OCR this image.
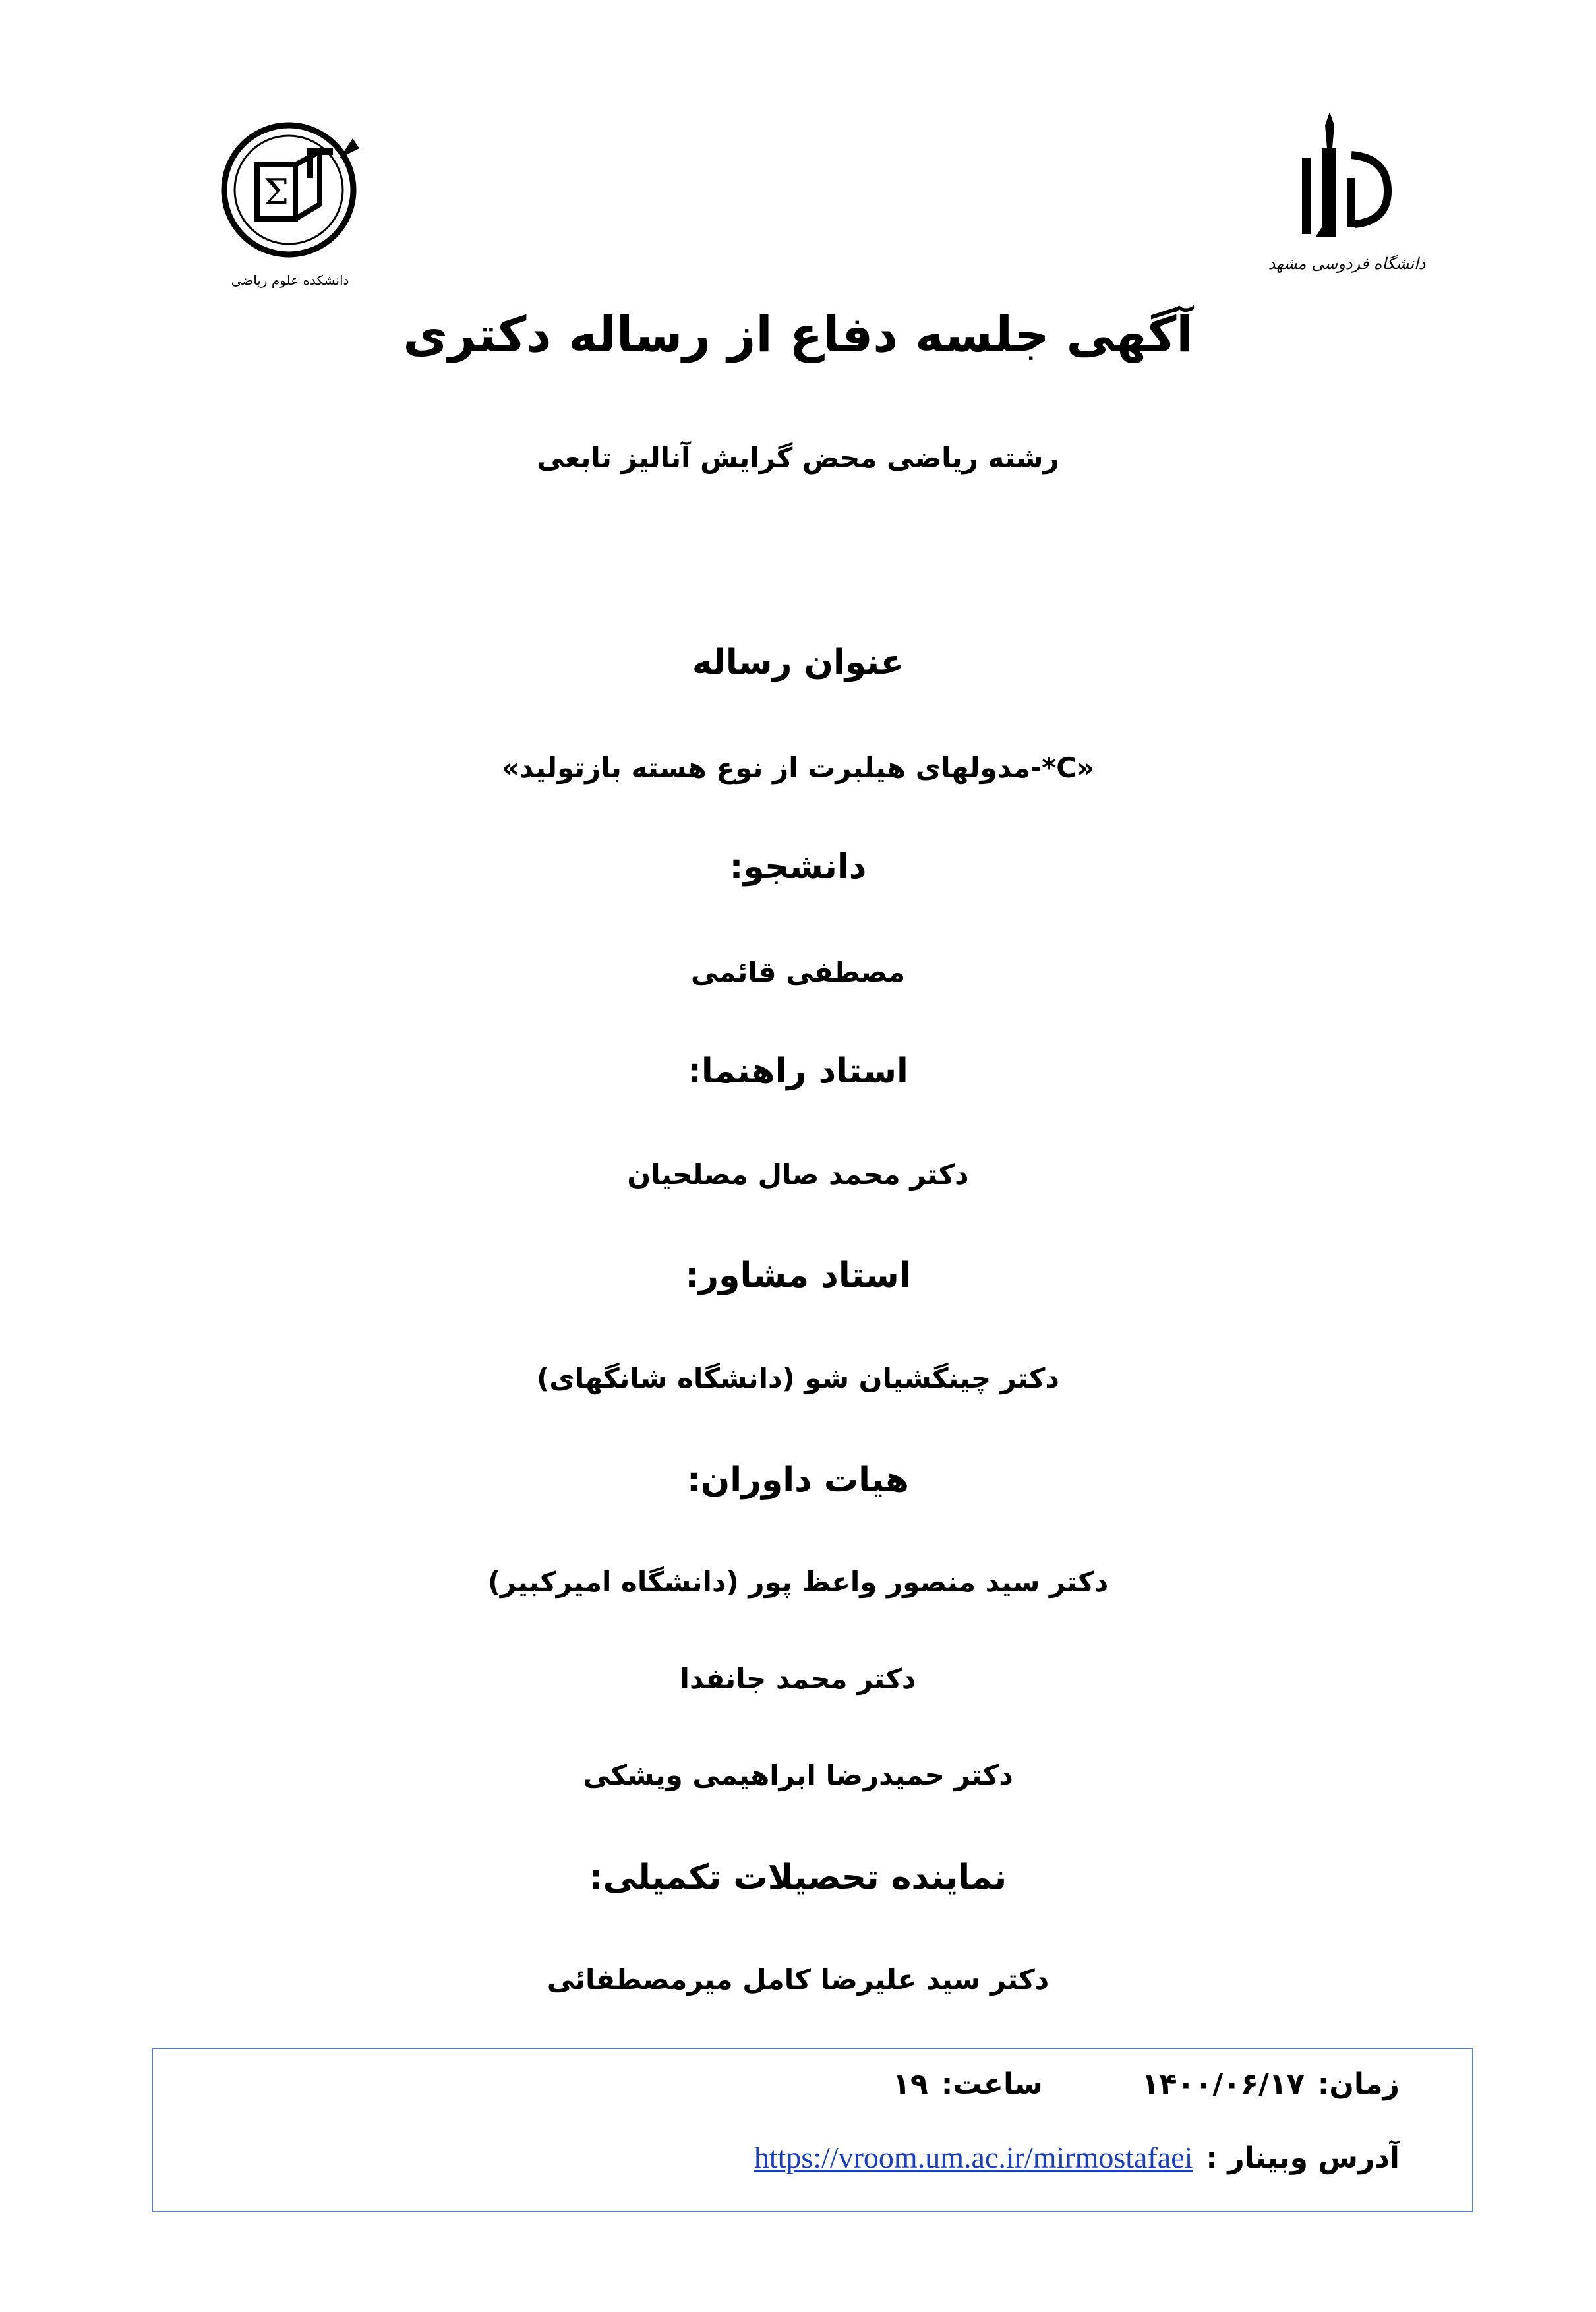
Σ
دانشکده علوم ریاضی
دانشگاه فردوسی مشهد
آگهی جلسه دفاع از رساله دکتری
رشته ریاضی محض گرایش آنالیز تابعی
عنوان رساله
«C*-مدولهای هیلبرت از نوع هسته بازتولید»
دانشجو:
مصطفی قائمی
استاد راهنما:
دکتر محمد صال مصلحیان
استاد مشاور:
دکتر چینگشیان شو (دانشگاه شانگهای)
هیات داوران:
دکتر سید منصور واعظ پور (دانشگاه امیرکبیر)
دکتر محمد جانفدا
دکتر حمیدرضا ابراهیمی ویشکی
نماینده تحصیلات تکمیلی:
دکتر سید علیرضا کامل میرمصطفائی
زمان:۱۴۰۰/۰۶/۱۷ساعت:۱۹
آدرس وبینار :https://vroom.um.ac.ir/mirmostafaei
